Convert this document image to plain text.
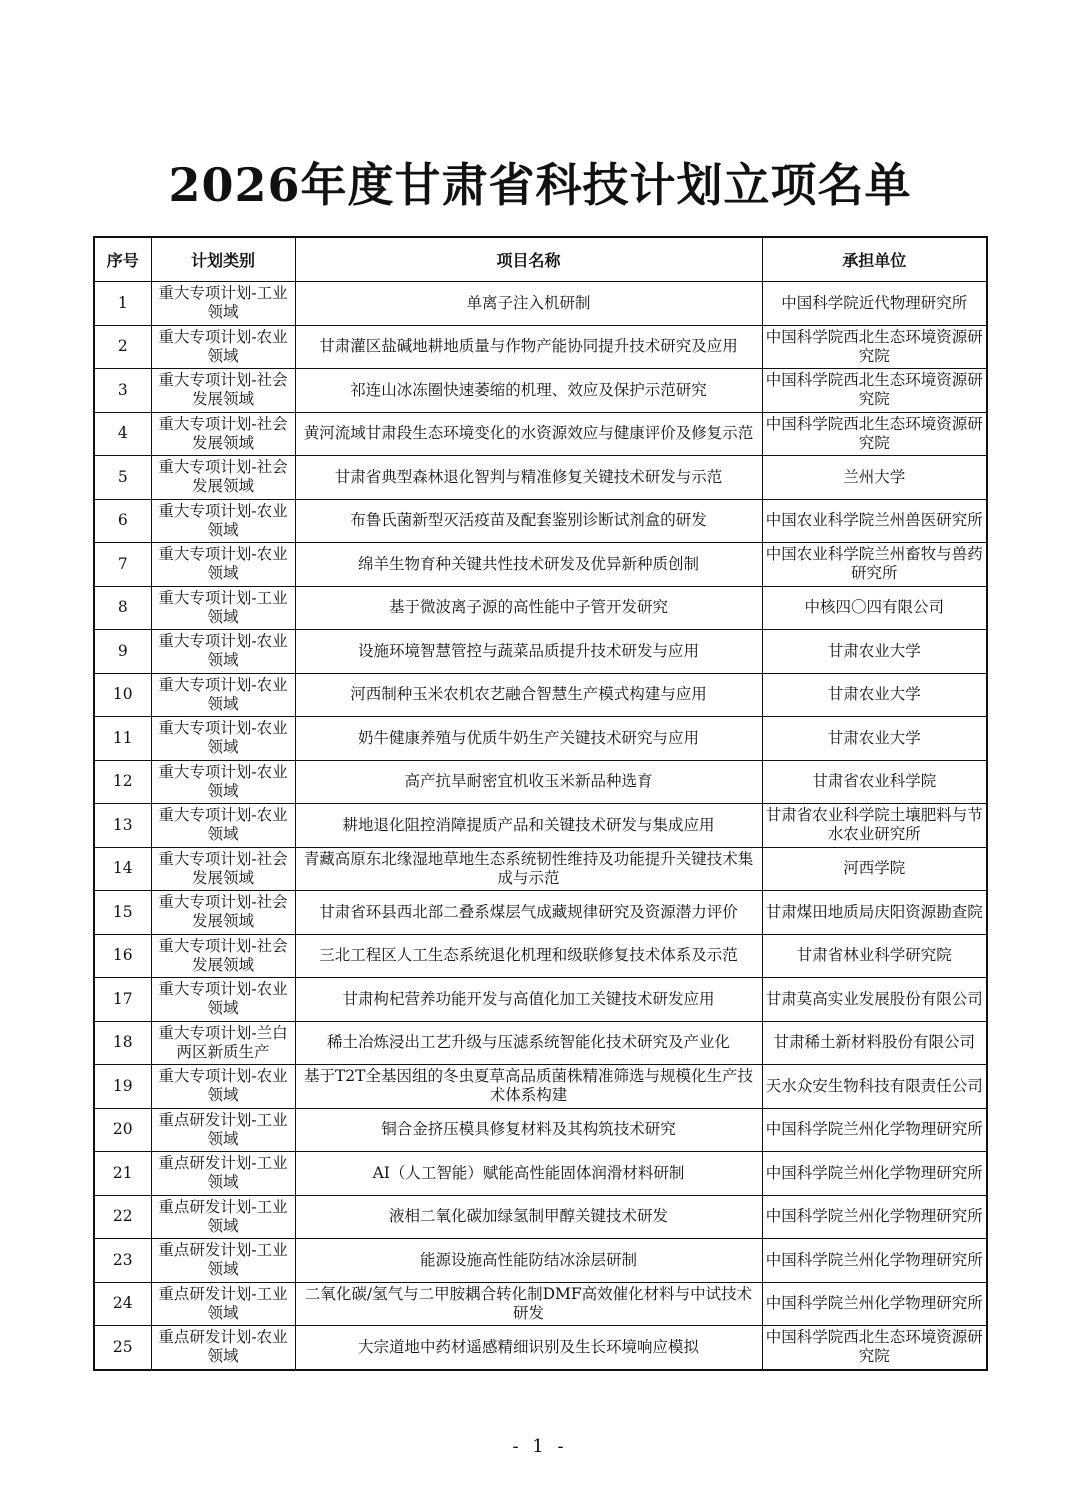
2026年度甘肃省科技计划立项名单
序号	计划类别	项目名称	承担单位
1	重大专项计划-工业领域	单离子注入机研制	中国科学院近代物理研究所
2	重大专项计划-农业领域	甘肃灌区盐碱地耕地质量与作物产能协同提升技术研究及应用	中国科学院西北生态环境资源研究院
3	重大专项计划-社会发展领域	祁连山冰冻圈快速萎缩的机理、效应及保护示范研究	中国科学院西北生态环境资源研究院
4	重大专项计划-社会发展领域	黄河流域甘肃段生态环境变化的水资源效应与健康评价及修复示范	中国科学院西北生态环境资源研究院
5	重大专项计划-社会发展领域	甘肃省典型森林退化智判与精准修复关键技术研发与示范	兰州大学
6	重大专项计划-农业领域	布鲁氏菌新型灭活疫苗及配套鉴别诊断试剂盒的研发	中国农业科学院兰州兽医研究所
7	重大专项计划-农业领域	绵羊生物育种关键共性技术研发及优异新种质创制	中国农业科学院兰州畜牧与兽药研究所
8	重大专项计划-工业领域	基于微波离子源的高性能中子管开发研究	中核四〇四有限公司
9	重大专项计划-农业领域	设施环境智慧管控与蔬菜品质提升技术研发与应用	甘肃农业大学
10	重大专项计划-农业领域	河西制种玉米农机农艺融合智慧生产模式构建与应用	甘肃农业大学
11	重大专项计划-农业领域	奶牛健康养殖与优质牛奶生产关键技术研究与应用	甘肃农业大学
12	重大专项计划-农业领域	高产抗旱耐密宜机收玉米新品种选育	甘肃省农业科学院
13	重大专项计划-农业领域	耕地退化阻控消障提质产品和关键技术研发与集成应用	甘肃省农业科学院土壤肥料与节水农业研究所
14	重大专项计划-社会发展领域	青藏高原东北缘湿地草地生态系统韧性维持及功能提升关键技术集成与示范	河西学院
15	重大专项计划-社会发展领域	甘肃省环县西北部二叠系煤层气成藏规律研究及资源潜力评价	甘肃煤田地质局庆阳资源勘查院
16	重大专项计划-社会发展领域	三北工程区人工生态系统退化机理和级联修复技术体系及示范	甘肃省林业科学研究院
17	重大专项计划-农业领域	甘肃枸杞营养功能开发与高值化加工关键技术研发应用	甘肃莫高实业发展股份有限公司
18	重大专项计划-兰白两区新质生产	稀土冶炼浸出工艺升级与压滤系统智能化技术研究及产业化	甘肃稀土新材料股份有限公司
19	重大专项计划-农业领域	基于T2T全基因组的冬虫夏草高品质菌株精准筛选与规模化生产技术体系构建	天水众安生物科技有限责任公司
20	重点研发计划-工业领域	铜合金挤压模具修复材料及其构筑技术研究	中国科学院兰州化学物理研究所
21	重点研发计划-工业领域	AI（人工智能）赋能高性能固体润滑材料研制	中国科学院兰州化学物理研究所
22	重点研发计划-工业领域	液相二氧化碳加绿氢制甲醇关键技术研发	中国科学院兰州化学物理研究所
23	重点研发计划-工业领域	能源设施高性能防结冰涂层研制	中国科学院兰州化学物理研究所
24	重点研发计划-工业领域	二氧化碳/氢气与二甲胺耦合转化制DMF高效催化材料与中试技术研发	中国科学院兰州化学物理研究所
25	重点研发计划-农业领域	大宗道地中药材遥感精细识别及生长环境响应模拟	中国科学院西北生态环境资源研究院
- 1 -
